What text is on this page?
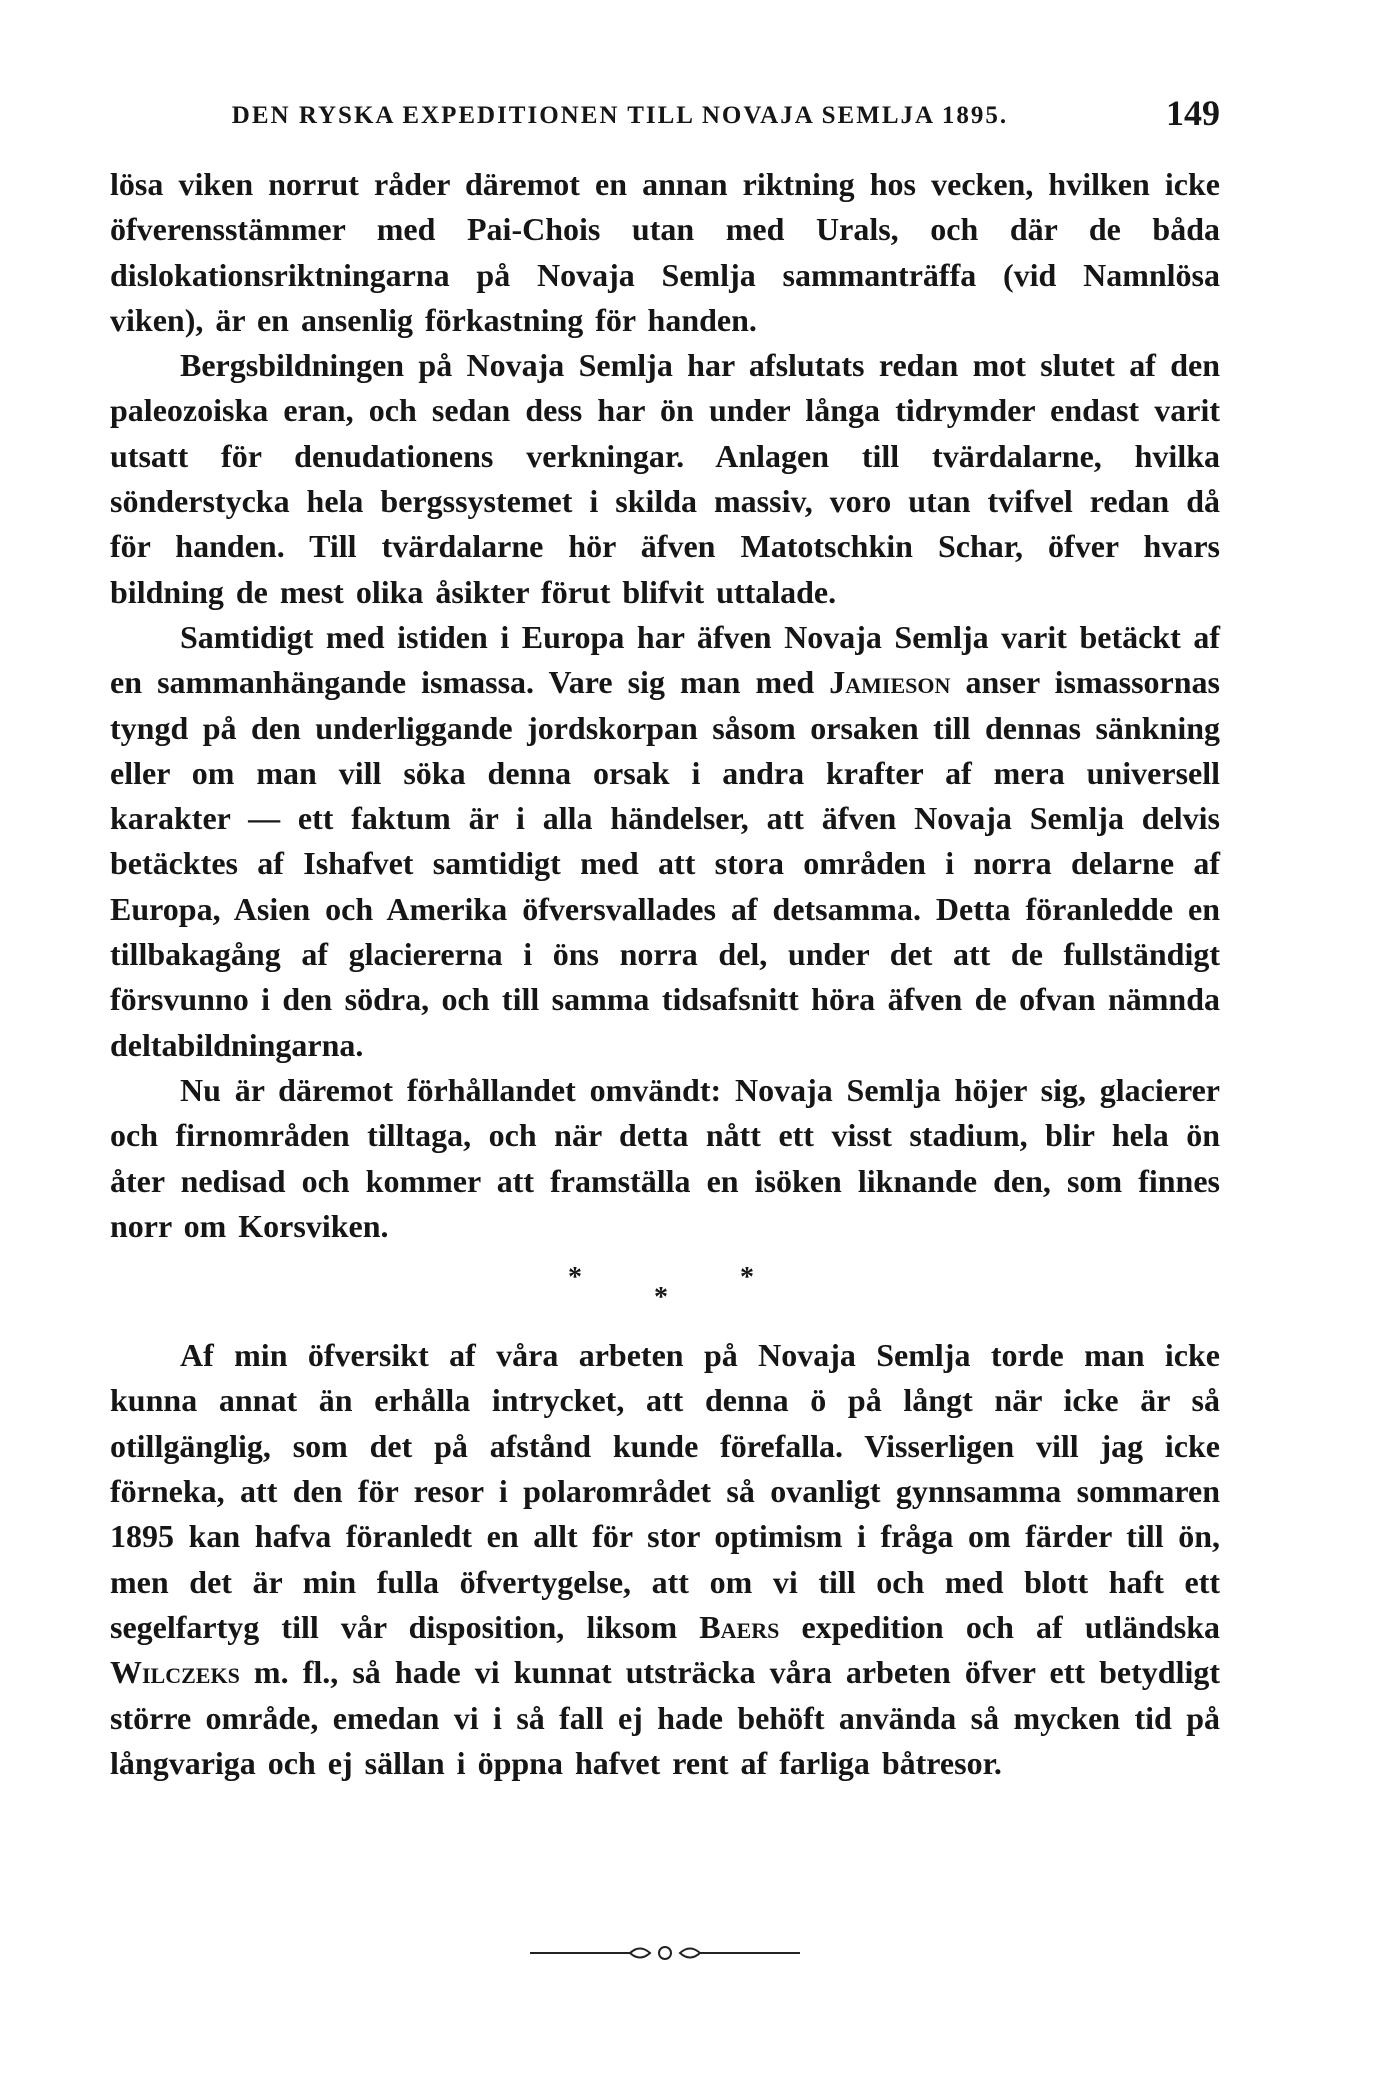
DEN RYSKA EXPEDITIONEN TILL NOVAJA SEMLJA 1895.	149

lösa viken norrut råder däremot en annan riktning hos vecken, hvilken icke öfverensstämmer med Pai-Chois utan med Urals, och där de båda dislokationsriktningarna på Novaja Semlja sammanträffa (vid Namnlösa viken), är en ansenlig förkastning för handen.

Bergsbildningen på Novaja Semlja har afslutats redan mot slutet af den paleozoiska eran, och sedan dess har ön under långa tidrymder endast varit utsatt för denudationens verkningar. Anlagen till tvärdalarne, hvilka sönderstycka hela bergssystemet i skilda massiv, voro utan tvifvel redan då för handen. Till tvärdalarne hör äfven Matotschkin Schar, öfver hvars bildning de mest olika åsikter förut blifvit uttalade.

Samtidigt med istiden i Europa har äfven Novaja Semlja varit betäckt af en sammanhängande ismassa. Vare sig man med Jamieson anser ismassornas tyngd på den underliggande jordskorpan såsom orsaken till dennas sänkning eller om man vill söka denna orsak i andra krafter af mera universell karakter — ett faktum är i alla händelser, att äfven Novaja Semlja delvis betäcktes af Ishafvet samtidigt med att stora områden i norra delarne af Europa, Asien och Amerika öfversvallades af detsamma. Detta föranledde en tillbakagång af glaciererna i öns norra del, under det att de fullständigt försvunno i den södra, och till samma tidsafsnitt höra äfven de ofvan nämnda deltabildningarna.

Nu är däremot förhållandet omvändt: Novaja Semlja höjer sig, glacierer och firnområden tilltaga, och när detta nått ett visst stadium, blir hela ön åter nedisad och kommer att framställa en isöken liknande den, som finnes norr om Korsviken.

*	*
*

Af min öfversikt af våra arbeten på Novaja Semlja torde man icke kunna annat än erhålla intrycket, att denna ö på långt när icke är så otillgänglig, som det på afstånd kunde förefalla. Visserligen vill jag icke förneka, att den för resor i polarområdet så ovanligt gynnsamma sommaren 1895 kan hafva föranledt en allt för stor optimism i fråga om färder till ön, men det är min fulla öfvertygelse, att om vi till och med blott haft ett segelfartyg till vår disposition, liksom Baers expedition och af utländska Wilczeks m. fl., så hade vi kunnat utsträcka våra arbeten öfver ett betydligt större område, emedan vi i så fall ej hade behöft använda så mycken tid på långvariga och ej sällan i öppna hafvet rent af farliga båtresor.
